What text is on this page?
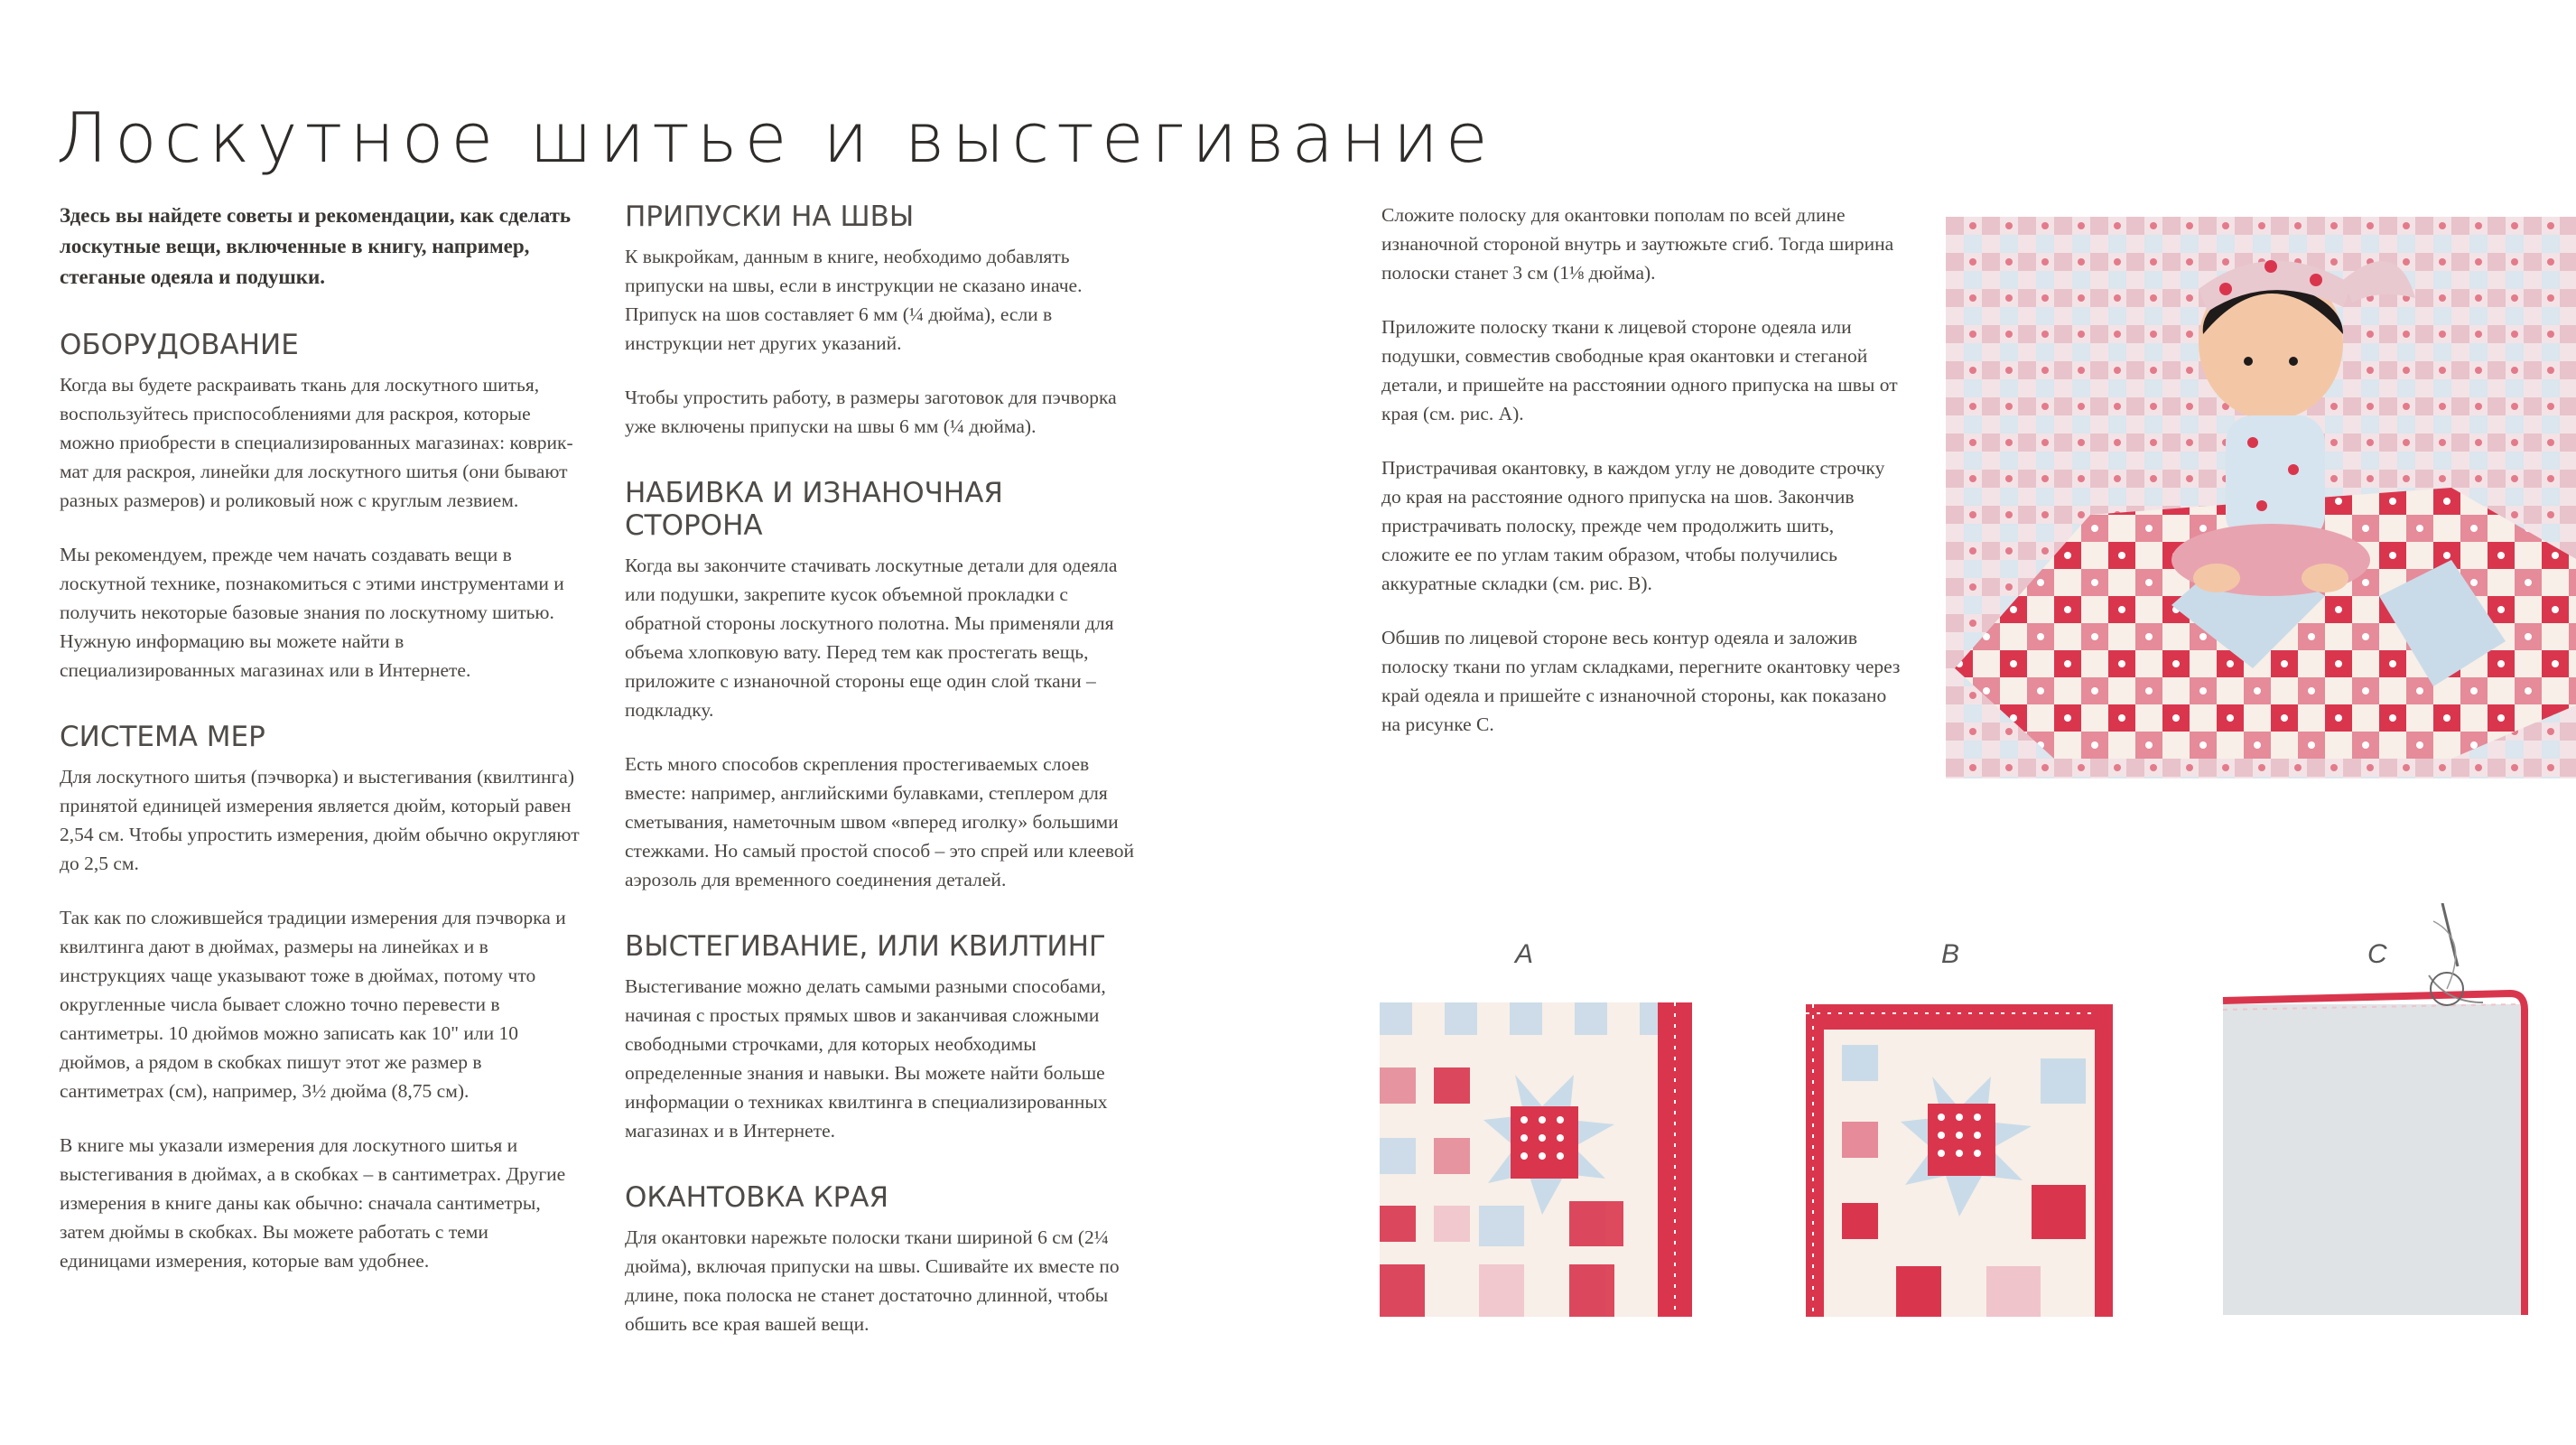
Лоскутное шитье и выстегивание

Здесь вы найдете советы и рекомендации, как сделать лоскутные вещи, включенные в книгу, например, стеганые одеяла и подушки.

ОБОРУДОВАНИЕ

Когда вы будете раскраивать ткань для лоскутного шитья, воспользуйтесь приспособлениями для раскроя, которые можно приобрести в специализированных магазинах: коврик-мат для раскроя, линейки для лоскутного шитья (они бывают разных размеров) и роликовый нож с круглым лезвием.

Мы рекомендуем, прежде чем начать создавать вещи в лоскутной технике, познакомиться с этими инструментами и получить некоторые базовые знания по лоскутному шитью. Нужную информацию вы можете найти в специализированных магазинах или в Интернете.

СИСТЕМА МЕР

Для лоскутного шитья (пэчворка) и выстегивания (квилтинга) принятой единицей измерения является дюйм, который равен 2,54 см. Чтобы упростить измерения, дюйм обычно округляют до 2,5 см.

Так как по сложившейся традиции измерения для пэчворка и квилтинга дают в дюймах, размеры на линейках и в инструкциях чаще указывают тоже в дюймах, потому что округленные числа бывает сложно точно перевести в сантиметры. 10 дюймов можно записать как 10" или 10 дюймов, а рядом в скобках пишут этот же размер в сантиметрах (см), например, 3½ дюйма (8,75 см).

В книге мы указали измерения для лоскутного шитья и выстегивания в дюймах, а в скобках – в сантиметрах. Другие измерения в книге даны как обычно: сначала сантиметры, затем дюймы в скобках. Вы можете работать с теми единицами измерения, которые вам удобнее.

ПРИПУСКИ НА ШВЫ

К выкройкам, данным в книге, необходимо добавлять припуски на швы, если в инструкции не сказано иначе. Припуск на шов составляет 6 мм (¼ дюйма), если в инструкции нет других указаний.

Чтобы упростить работу, в размеры заготовок для пэчворка уже включены припуски на швы 6 мм (¼ дюйма).

НАБИВКА И ИЗНАНОЧНАЯ СТОРОНА

Когда вы закончите стачивать лоскутные детали для одеяла или подушки, закрепите кусок объемной прокладки с обратной стороны лоскутного полотна. Мы применяли для объема хлопковую вату. Перед тем как простегать вещь, приложите с изнаночной стороны еще один слой ткани – подкладку.

Есть много способов скрепления простегиваемых слоев вместе: например, английскими булавками, степлером для сметывания, наметочным швом «вперед иголку» большими стежками. Но самый простой способ – это спрей или клеевой аэрозоль для временного соединения деталей.

ВЫСТЕГИВАНИЕ, ИЛИ КВИЛТИНГ

Выстегивание можно делать самыми разными способами, начиная с простых прямых швов и заканчивая сложными свободными строчками, для которых необходимы определенные знания и навыки. Вы можете найти больше информации о техниках квилтинга в специализированных магазинах и в Интернете.

ОКАНТОВКА КРАЯ

Для окантовки нарежьте полоски ткани шириной 6 см (2¼ дюйма), включая припуски на швы. Сшивайте их вместе по длине, пока полоска не станет достаточно длинной, чтобы обшить все края вашей вещи.

Сложите полоску для окантовки пополам по всей длине изнаночной стороной внутрь и заутюжьте сгиб. Тогда ширина полоски станет 3 см (1⅛ дюйма).

Приложите полоску ткани к лицевой стороне одеяла или подушки, совместив свободные края окантовки и стеганой детали, и пришейте на расстоянии одного припуска на швы от края (см. рис. A).

Пристрачивая окантовку, в каждом углу не доводите строчку до края на расстояние одного припуска на шов. Закончив пристрачивать полоску, прежде чем продолжить шить, сложите ее по углам таким образом, чтобы получились аккуратные складки (см. рис. B).

Обшив по лицевой стороне весь контур одеяла и заложив полоску ткани по углам складками, перегните окантовку через край одеяла и пришейте с изнаночной стороны, как показано на рисунке C.

A	B	C
